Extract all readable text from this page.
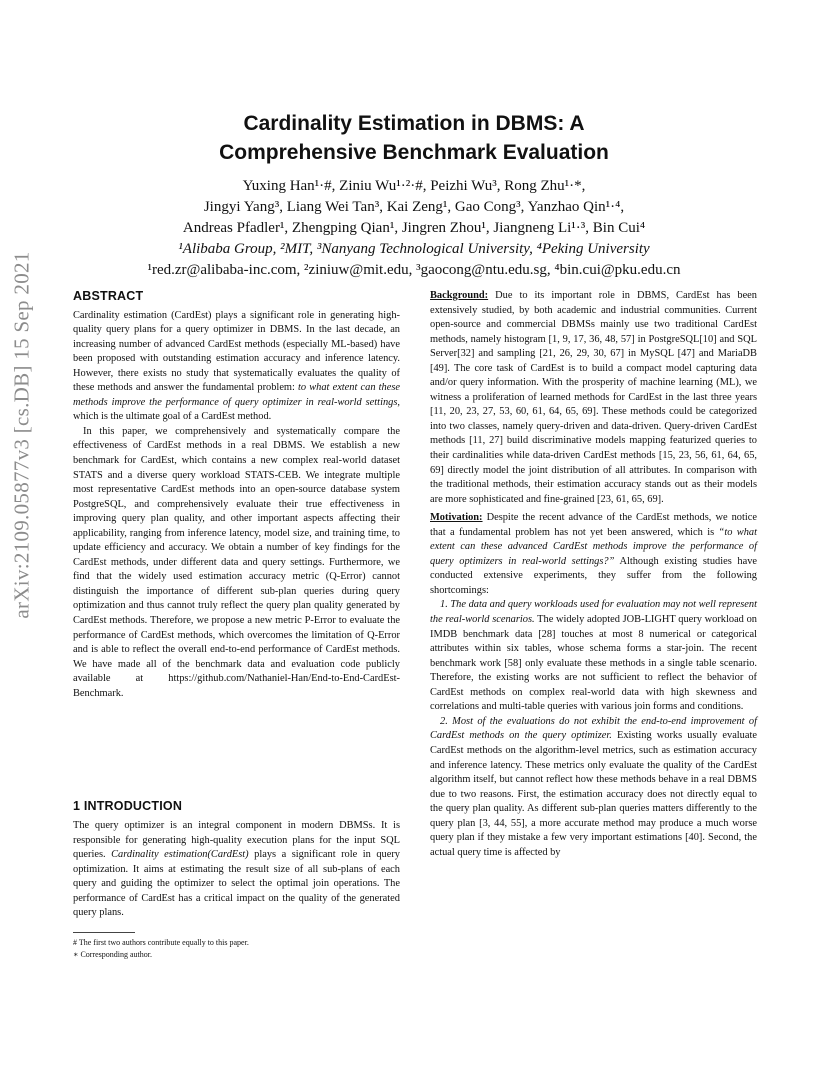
arXiv:2109.05877v3 [cs.DB] 15 Sep 2021
Cardinality Estimation in DBMS: A
Comprehensive Benchmark Evaluation
Yuxing Han¹·#, Ziniu Wu¹·²·#, Peizhi Wu³, Rong Zhu¹·*,
Jingyi Yang³, Liang Wei Tan³, Kai Zeng¹, Gao Cong³, Yanzhao Qin¹·⁴,
Andreas Pfadler¹, Zhengping Qian¹, Jingren Zhou¹, Jiangneng Li¹·³, Bin Cui⁴
¹Alibaba Group, ²MIT, ³Nanyang Technological University, ⁴Peking University
¹red.zr@alibaba-inc.com, ²ziniuw@mit.edu, ³gaocong@ntu.edu.sg, ⁴bin.cui@pku.edu.cn
ABSTRACT

Cardinality estimation (CardEst) plays a significant role in generating high-quality query plans for a query optimizer in DBMS. In the last decade, an increasing number of advanced CardEst methods (especially ML-based) have been proposed with outstanding estimation accuracy and inference latency. However, there exists no study that systematically evaluates the quality of these methods and answer the fundamental problem: to what extent can these methods improve the performance of query optimizer in real-world settings, which is the ultimate goal of a CardEst method.

In this paper, we comprehensively and systematically compare the effectiveness of CardEst methods in a real DBMS. We establish a new benchmark for CardEst, which contains a new complex real-world dataset STATS and a diverse query workload STATS-CEB. We integrate multiple most representative CardEst methods into an open-source database system PostgreSQL, and comprehensively evaluate their true effectiveness in improving query plan quality, and other important aspects affecting their applicability, ranging from inference latency, model size, and training time, to update efficiency and accuracy. We obtain a number of key findings for the CardEst methods, under different data and query settings. Furthermore, we find that the widely used estimation accuracy metric (Q-Error) cannot distinguish the importance of different sub-plan queries during query optimization and thus cannot truly reflect the query plan quality generated by CardEst methods. Therefore, we propose a new metric P-Error to evaluate the performance of CardEst methods, which overcomes the limitation of Q-Error and is able to reflect the overall end-to-end performance of CardEst methods. We have made all of the benchmark data and evaluation code publicly available at https://github.com/Nathaniel-Han/End-to-End-CardEst-Benchmark.

1 INTRODUCTION

The query optimizer is an integral component in modern DBMSs. It is responsible for generating high-quality execution plans for the input SQL queries. Cardinality estimation(CardEst) plays a significant role in query optimization. It aims at estimating the result size of all sub-plans of each query and guiding the optimizer to select the optimal join operations. The performance of CardEst has a critical impact on the quality of the generated query plans.

# The first two authors contribute equally to this paper.
∗ Corresponding author.

Background: Due to its important role in DBMS, CardEst has been extensively studied, by both academic and industrial communities. Current open-source and commercial DBMSs mainly use two traditional CardEst methods, namely histogram [1, 9, 17, 36, 48, 57] in PostgreSQL[10] and SQL Server[32] and sampling [21, 26, 29, 30, 67] in MySQL [47] and MariaDB [49]. The core task of CardEst is to build a compact model capturing data and/or query information. With the prosperity of machine learning (ML), we witness a proliferation of learned methods for CardEst in the last three years [11, 20, 23, 27, 53, 60, 61, 64, 65, 69]. These methods could be categorized into two classes, namely query-driven and data-driven. Query-driven CardEst methods [11, 27] build discriminative models mapping featurized queries to their cardinalities while data-driven CardEst methods [15, 23, 56, 61, 64, 65, 69] directly model the joint distribution of all attributes. In comparison with the traditional methods, their estimation accuracy stands out as their models are more sophisticated and fine-grained [23, 61, 65, 69].

Motivation: Despite the recent advance of the CardEst methods, we notice that a fundamental problem has not yet been answered, which is “to what extent can these advanced CardEst methods improve the performance of query optimizers in real-world settings?” Although existing studies have conducted extensive experiments, they suffer from the following shortcomings:

1. The data and query workloads used for evaluation may not well represent the real-world scenarios. The widely adopted JOB-LIGHT query workload on IMDB benchmark data [28] touches at most 8 numerical or categorical attributes within six tables, whose schema forms a star-join. The recent benchmark work [58] only evaluate these methods in a single table scenario. Therefore, the existing works are not sufficient to reflect the behavior of CardEst methods on complex real-world data with high skewness and correlations and multi-table queries with various join forms and conditions.

2. Most of the evaluations do not exhibit the end-to-end improvement of CardEst methods on the query optimizer. Existing works usually evaluate CardEst methods on the algorithm-level metrics, such as estimation accuracy and inference latency. These metrics only evaluate the quality of the CardEst algorithm itself, but cannot reflect how these methods behave in a real DBMS due to two reasons. First, the estimation accuracy does not directly equal to the query plan quality. As different sub-plan queries matters differently to the query plan [3, 44, 55], a more accurate method may produce a much worse query plan if they mistake a few very important estimations [40]. Second, the actual query time is affected by
